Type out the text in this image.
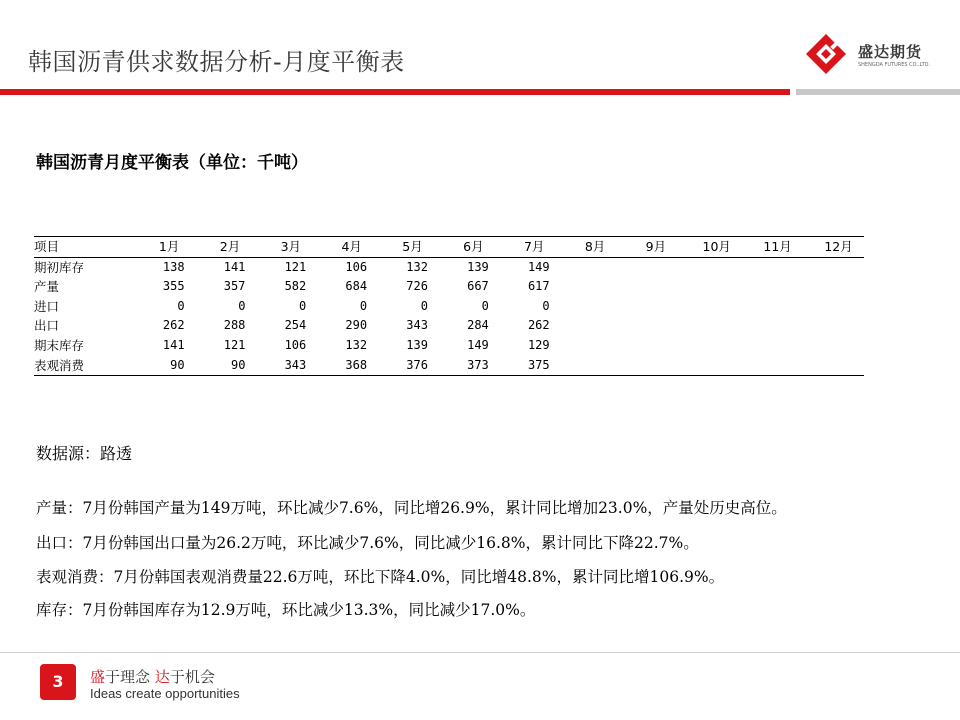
韩国沥青供求数据分析-月度平衡表	盛达期货
SHENGDA FUTURES CO.,LTD.
韩国沥青月度平衡表（单位：千吨）
项目	1月	2月	3月	4月	5月	6月	7月	8月	9月	10月	11月	12月
期初库存	138	141	121	106	132	139	149					
产量	355	357	582	684	726	667	617					
进口	0	0	0	0	0	0	0					
出口	262	288	254	290	343	284	262					
期末库存	141	121	106	132	139	149	129					
表观消费	90	90	343	368	376	373	375					
数据源：路透
产量：7月份韩国产量为149万吨，环比减少7.6%，同比增26.9%，累计同比增加23.0%，产量处历史高位。
出口：7月份韩国出口量为26.2万吨，环比减少7.6%，同比减少16.8%，累计同比下降22.7%。
表观消费：7月份韩国表观消费量22.6万吨，环比下降4.0%，同比增48.8%，累计同比增106.9%。
库存：7月份韩国库存为12.9万吨，环比减少13.3%，同比减少17.0%。
3	盛于理念 达于机会
Ideas create opportunities
